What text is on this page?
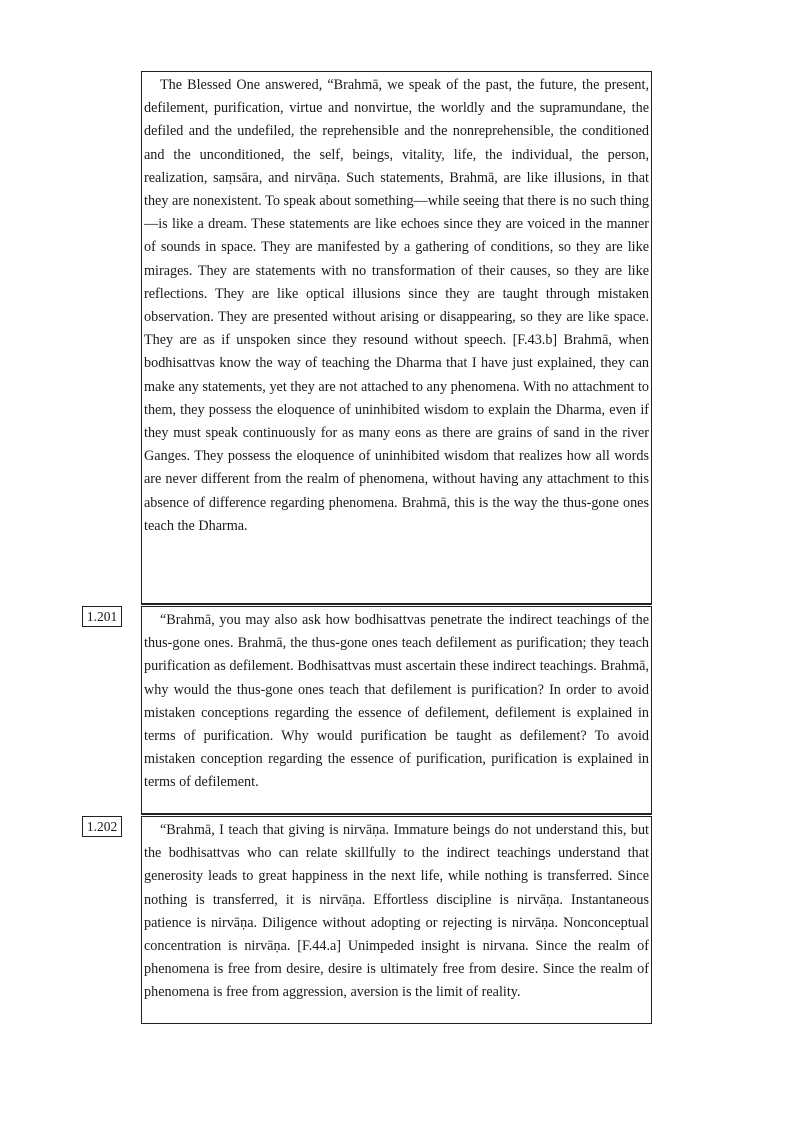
The Blessed One answered, “Brahmā, we speak of the past, the future, the present, defilement, purification, virtue and nonvirtue, the worldly and the supramundane, the defiled and the undefiled, the reprehensible and the nonreprehensible, the conditioned and the unconditioned, the self, beings, vitality, life, the individual, the person, realization, saṃsāra, and nirvāṇa. Such statements, Brahmā, are like illusions, in that they are nonexistent. To speak about something—while seeing that there is no such thing—is like a dream. These statements are like echoes since they are voiced in the manner of sounds in space. They are manifested by a gathering of conditions, so they are like mirages. They are statements with no transformation of their causes, so they are like reflections. They are like optical illusions since they are taught through mistaken observation. They are presented without arising or disappearing, so they are like space. They are as if unspoken since they resound without speech. [F.43.b] Brahmā, when bodhisattvas know the way of teaching the Dharma that I have just explained, they can make any statements, yet they are not attached to any phenomena. With no attachment to them, they possess the eloquence of uninhibited wisdom to explain the Dharma, even if they must speak continuously for as many eons as there are grains of sand in the river Ganges. They possess the eloquence of uninhibited wisdom that realizes how all words are never different from the realm of phenomena, without having any attachment to this absence of difference regarding phenomena. Brahmā, this is the way the thus-gone ones teach the Dharma.

1.201	“Brahmā, you may also ask how bodhisattvas penetrate the indirect teachings of the thus-gone ones. Brahmā, the thus-gone ones teach defilement as purification; they teach purification as defilement. Bodhisattvas must ascertain these indirect teachings. Brahmā, why would the thus-gone ones teach that defilement is purification? In order to avoid mistaken conceptions regarding the essence of defilement, defilement is explained in terms of purification. Why would purification be taught as defilement? To avoid mistaken conception regarding the essence of purification, purification is explained in terms of defilement.

1.202	“Brahmā, I teach that giving is nirvāṇa. Immature beings do not understand this, but the bodhisattvas who can relate skillfully to the indirect teachings understand that generosity leads to great happiness in the next life, while nothing is transferred. Since nothing is transferred, it is nirvāṇa. Effortless discipline is nirvāṇa. Instantaneous patience is nirvāṇa. Diligence without adopting or rejecting is nirvāṇa. Nonconceptual concentration is nirvāṇa. [F.44.a] Unimpeded insight is nirvana. Since the realm of phenomena is free from desire, desire is ultimately free from desire. Since the realm of phenomena is free from aggression, aversion is the limit of reality.
